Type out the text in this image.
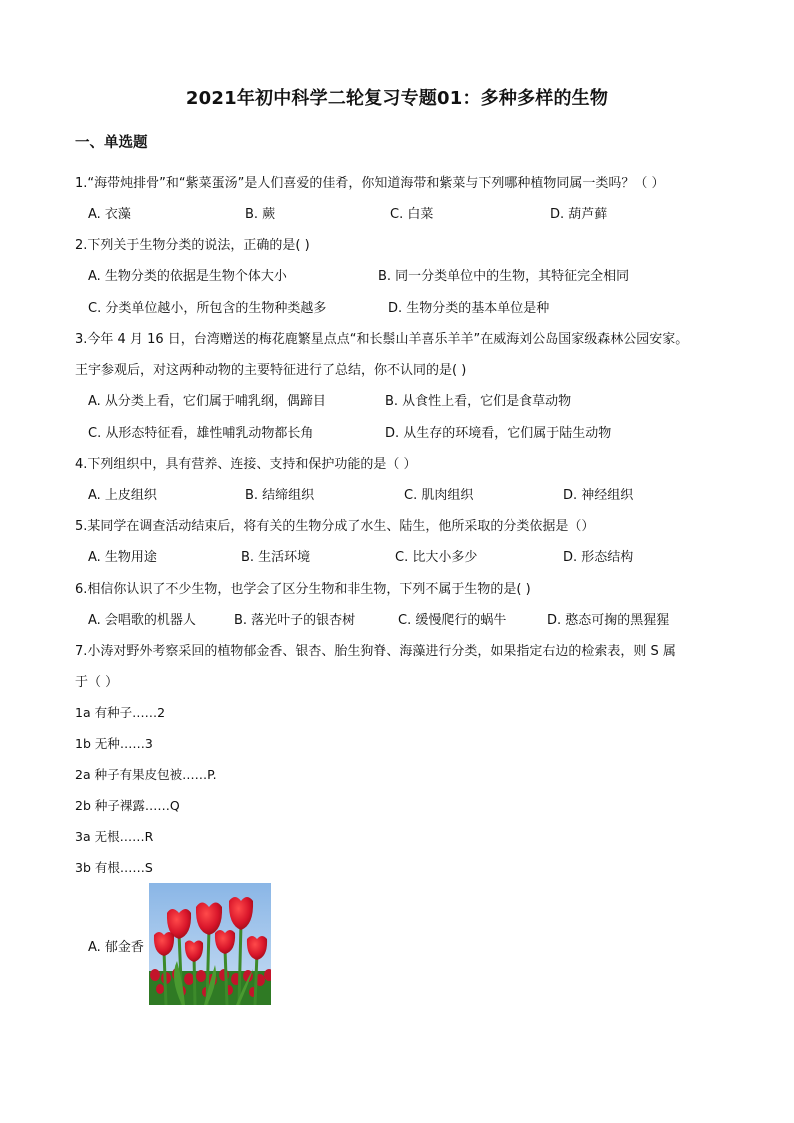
2021年初中科学二轮复习专题01：多种多样的生物
一、单选题
1.“海带炖排骨”和“紫菜蛋汤”是人们喜爱的佳肴，你知道海带和紫菜与下列哪种植物同属一类吗？（ ）
A. 衣藻	B. 蕨	C. 白菜	D. 葫芦藓
2.下列关于生物分类的说法，正确的是( )
A. 生物分类的依据是生物个体大小	B. 同一分类单位中的生物，其特征完全相同
C. 分类单位越小，所包含的生物种类越多	D. 生物分类的基本单位是种
3.今年 4 月 16 日，台湾赠送的梅花鹿繁星点点“和长鬃山羊喜乐羊羊”在威海刘公岛国家级森林公园安家。
王宇参观后，对这两种动物的主要特征进行了总结，你不认同的是( )
A. 从分类上看，它们属于哺乳纲，偶蹄目	B. 从食性上看，它们是食草动物
C. 从形态特征看，雄性哺乳动物都长角	D. 从生存的环境看，它们属于陆生动物
4.下列组织中，具有营养、连接、支持和保护功能的是（ ）
A. 上皮组织	B. 结缔组织	C. 肌肉组织	D. 神经组织
5.某同学在调查活动结束后，将有关的生物分成了水生、陆生，他所采取的分类依据是（）
A. 生物用途	B. 生活环境	C. 比大小多少	D. 形态结构
6.相信你认识了不少生物，也学会了区分生物和非生物，下列不属于生物的是( )
A. 会唱歌的机器人	B. 落光叶子的银杏树	C. 缓慢爬行的蜗牛	D. 憨态可掬的黑猩猩
7.小涛对野外考察采回的植物郁金香、银杏、胎生狗脊、海藻进行分类，如果指定右边的检索表，则 S 属
于（ ）
1a 有种子……2
1b 无种……3
2a 种子有果皮包被……P.
2b 种子裸露……Q
3a 无根……R
3b 有根……S
A. 郁金香
